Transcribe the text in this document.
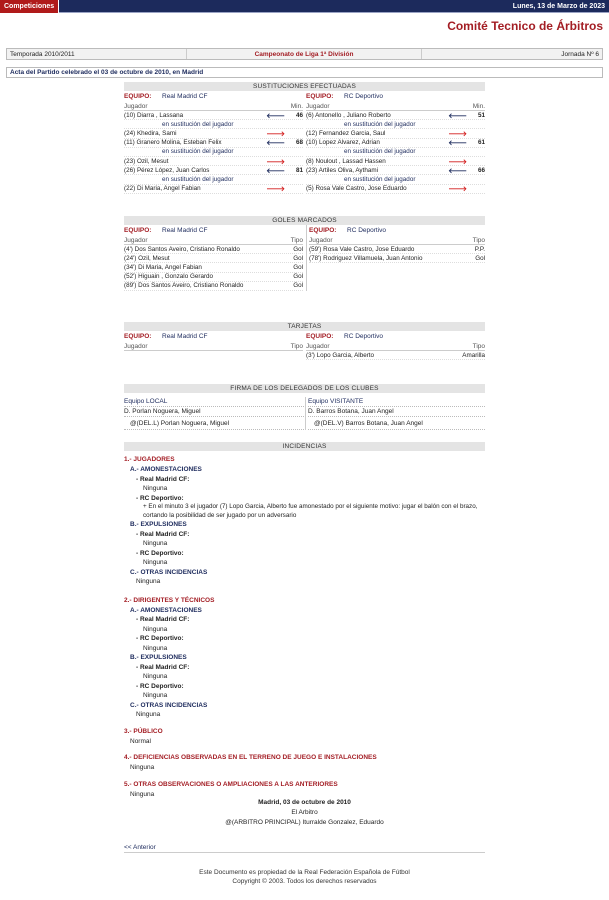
Competiciones	Lunes, 13 de Marzo de 2023
Comité Tecnico de Árbitros
Temporada 2010/2011	Campeonato de Liga 1ª División	Jornada Nº 6
Acta del Partido celebrado el 03 de octubre de 2010, en Madrid
SUSTITUCIONES EFECTUADAS
EQUIPO: Real Madrid CF
Jugador	Min.
(10) Diarra , Lassana	🡐	46
en sustitución del jugador
(24) Khedira, Sami	🡒
(11) Granero Molina, Esteban Felix	🡐	68
en sustitución del jugador
(23) Ozil, Mesut	🡒
(26) Pérez López, Juan Carlos	🡐	81
en sustitución del jugador
(22) Di Maria, Angel Fabian	🡒
EQUIPO: RC Deportivo
Jugador	Min.
(6) Antonello , Juliano Roberto	🡐	51
en sustitución del jugador
(12) Fernandez Garcia, Saul	🡒
(10) Lopez Alvarez, Adrian	🡐	61
en sustitución del jugador
(8) Noulout , Lassad Hassen	🡒
(23) Artiles Oliva, Aythami	🡐	66
en sustitución del jugador
(5) Rosa Vale Castro, Jose Eduardo	🡒
GOLES MARCADOS
EQUIPO: Real Madrid CF
Jugador	Tipo
(4') Dos Santos Aveiro, Cristiano Ronaldo	Gol
(24') Ozil, Mesut	Gol
(34') Di Maria, Angel Fabian	Gol
(52') Higuain , Gonzalo Gerardo	Gol
(89') Dos Santos Aveiro, Cristiano Ronaldo	Gol
EQUIPO: RC Deportivo
Jugador	Tipo
(59') Rosa Vale Castro, Jose Eduardo	P.P.
(78') Rodriguez Villamuela, Juan Antonio	Gol
TARJETAS
EQUIPO: Real Madrid CF
Jugador	Tipo
EQUIPO: RC Deportivo
Jugador	Tipo
(3') Lopo Garcia, Alberto	Amarilla
FIRMA DE LOS DELEGADOS DE LOS CLUBES
Equipo LOCAL
D. Porlan Noguera, Miguel
@(DEL.L) Porlan Noguera, Miguel
Equipo VISITANTE
D. Barros Botana, Juan Angel
@(DEL.V) Barros Botana, Juan Angel
INCIDENCIAS
1.- JUGADORES
A.- AMONESTACIONES
- Real Madrid CF:
Ninguna
- RC Deportivo:
+ En el minuto 3 el jugador (7) Lopo Garcia, Alberto fue amonestado por el siguiente motivo: jugar el balón con el brazo, cortando la posibilidad de ser jugado por un adversario
B.- EXPULSIONES
- Real Madrid CF:
Ninguna
- RC Deportivo:
Ninguna
C.- OTRAS INCIDENCIAS
Ninguna
2.- DIRIGENTES Y TÉCNICOS
A.- AMONESTACIONES
- Real Madrid CF:
Ninguna
- RC Deportivo:
Ninguna
B.- EXPULSIONES
- Real Madrid CF:
Ninguna
- RC Deportivo:
Ninguna
C.- OTRAS INCIDENCIAS
Ninguna
3.- PÚBLICO
Normal
4.- DEFICIENCIAS OBSERVADAS EN EL TERRENO DE JUEGO E INSTALACIONES
Ninguna
5.- OTRAS OBSERVACIONES O AMPLIACIONES A LAS ANTERIORES
Ninguna
Madrid, 03 de octubre de 2010
El Arbitro
@(ARBITRO PRINCIPAL) Iturralde Gonzalez, Eduardo
<< Anterior
Este Documento es propiedad de la Real Federación Española de Fútbol
Copyright © 2003. Todos los derechos reservados
